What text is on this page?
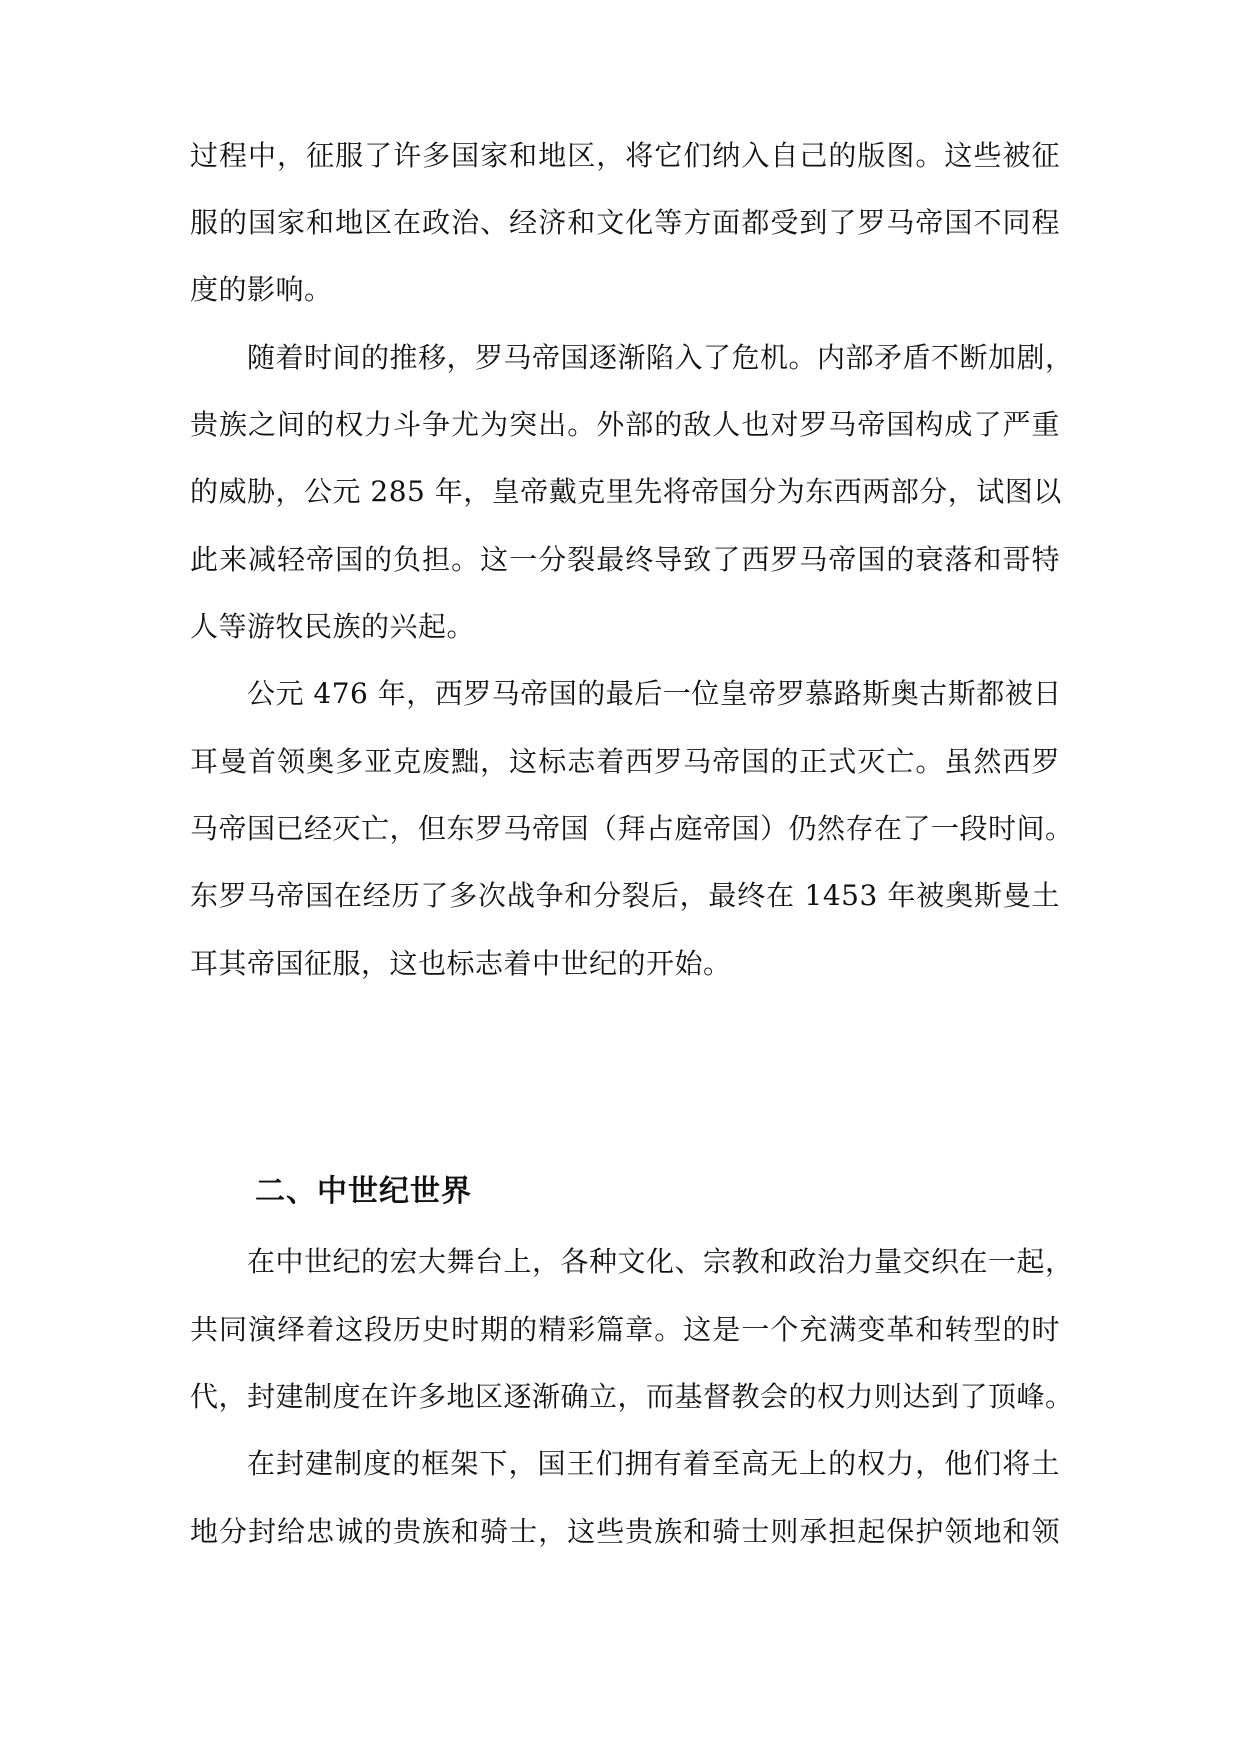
过程中，征服了许多国家和地区，将它们纳入自己的版图。这些被征
服的国家和地区在政治、经济和文化等方面都受到了罗马帝国不同程
度的影响。
随着时间的推移，罗马帝国逐渐陷入了危机。内部矛盾不断加剧，
贵族之间的权力斗争尤为突出。外部的敌人也对罗马帝国构成了严重
的威胁，公元 285 年，皇帝戴克里先将帝国分为东西两部分，试图以
此来减轻帝国的负担。这一分裂最终导致了西罗马帝国的衰落和哥特
人等游牧民族的兴起。
公元 476 年，西罗马帝国的最后一位皇帝罗慕路斯奥古斯都被日
耳曼首领奥多亚克废黜，这标志着西罗马帝国的正式灭亡。虽然西罗
马帝国已经灭亡，但东罗马帝国（拜占庭帝国）仍然存在了一段时间。
东罗马帝国在经历了多次战争和分裂后，最终在 1453 年被奥斯曼土
耳其帝国征服，这也标志着中世纪的开始。
二、中世纪世界
在中世纪的宏大舞台上，各种文化、宗教和政治力量交织在一起，
共同演绎着这段历史时期的精彩篇章。这是一个充满变革和转型的时
代，封建制度在许多地区逐渐确立，而基督教会的权力则达到了顶峰。
在封建制度的框架下，国王们拥有着至高无上的权力，他们将土
地分封给忠诚的贵族和骑士，这些贵族和骑士则承担起保护领地和领
